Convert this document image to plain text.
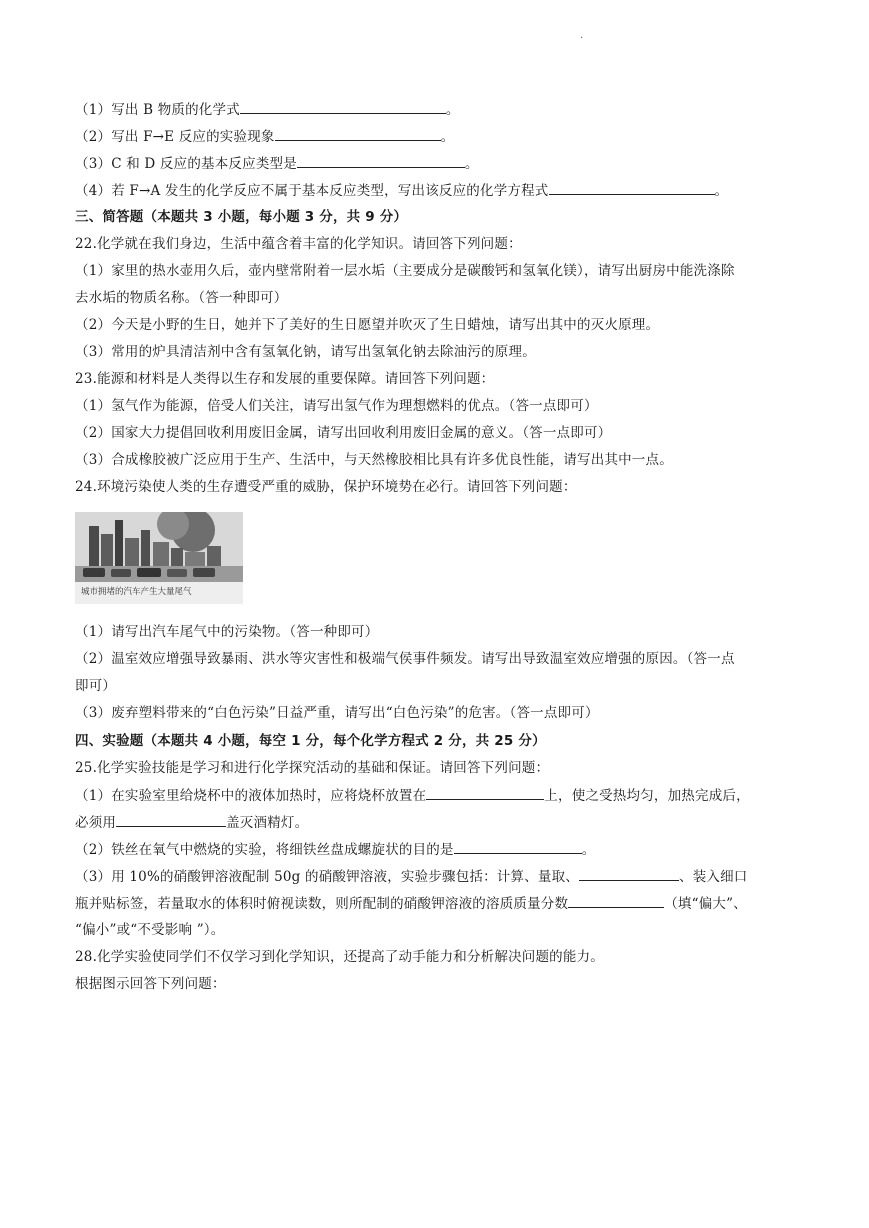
.
（1）写出 B 物质的化学式	。
（2）写出 F→E 反应的实验现象	。
（3）C 和 D 反应的基本反应类型是	。
（4）若 F→A 发生的化学反应不属于基本反应类型，写出该反应的化学方程式	。
三、简答题（本题共 3 小题，每小题 3 分，共 9 分）
22.化学就在我们身边，生活中蕴含着丰富的化学知识。请回答下列问题：
（1）家里的热水壶用久后，壶内壁常附着一层水垢（主要成分是碳酸钙和氢氧化镁），请写出厨房中能洗涤除
去水垢的物质名称。（答一种即可）
（2）今天是小野的生日，她并下了美好的生日愿望并吹灭了生日蜡烛，请写出其中的灭火原理。
（3）常用的炉具清洁剂中含有氢氧化钠，请写出氢氧化钠去除油污的原理。
23.能源和材料是人类得以生存和发展的重要保障。请回答下列问题：
（1）氢气作为能源，倍受人们关注，请写出氢气作为理想燃料的优点。（答一点即可）
（2）国家大力提倡回收利用废旧金属，请写出回收利用废旧金属的意义。（答一点即可）
（3）合成橡胶被广泛应用于生产、生活中，与天然橡胶相比具有许多优良性能，请写出其中一点。
24.环境污染使人类的生存遭受严重的威胁，保护环境势在必行。请回答下列问题：
城市拥堵的汽车产生大量尾气
（1）请写出汽车尾气中的污染物。（答一种即可）
（2）温室效应增强导致暴雨、洪水等灾害性和极端气侯事件频发。请写出导致温室效应增强的原因。（答一点
即可）
（3）废弃塑料带来的“白色污染”日益严重，请写出“白色污染”的危害。（答一点即可）
四、实验题（本题共 4 小题，每空 1 分，每个化学方程式 2 分，共 25 分）
25.化学实验技能是学习和进行化学探究活动的基础和保证。请回答下列问题：
（1）在实验室里给烧杯中的液体加热时，应将烧杯放置在	上，使之受热均匀，加热完成后，
必须用	盖灭酒精灯。
（2）铁丝在氧气中燃烧的实验，将细铁丝盘成螺旋状的目的是	。
（3）用 10%的硝酸钾溶液配制 50g 的硝酸钾溶液，实验步骤包括：计算、量取、	、装入细口
瓶并贴标签，若量取水的体积时俯视读数，则所配制的硝酸钾溶液的溶质质量分数	（填“偏大”、
“偏小”或“不受影响 ”）。
28.化学实验使同学们不仅学习到化学知识，还提高了动手能力和分析解决问题的能力。
根据图示回答下列问题：
